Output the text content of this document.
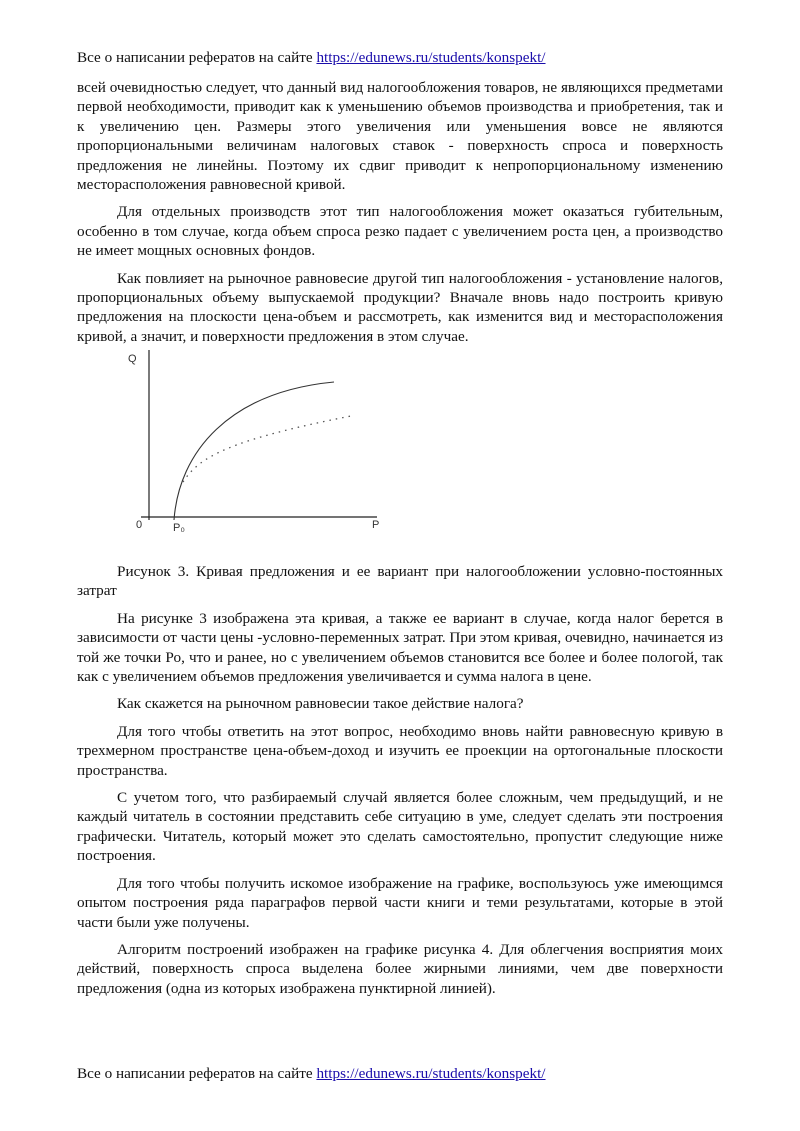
Все о написании рефератов на сайте https://edunews.ru/students/konspekt/

всей очевидностью следует, что данный вид налогообложения товаров, не являющихся предметами первой необходимости, приводит как к уменьшению объемов производства и приобретения, так и к увеличению цен. Размеры этого увеличения или уменьшения вовсе не являются пропорциональными величинам налоговых ставок - поверхность спроса и поверхность предложения не линейны. Поэтому их сдвиг приводит к непропорциональному изменению месторасположения равновесной кривой.

Для отдельных производств этот тип налогообложения может оказаться губительным, особенно в том случае, когда объем спроса резко падает с увеличением роста цен, а производство не имеет мощных основных фондов.

Как повлияет на рыночное равновесие другой тип налогообложения - установление налогов, пропорциональных объему выпускаемой продукции? Вначале вновь надо построить кривую предложения на плоскости цена-объем и рассмотреть, как изменится вид и месторасположения кривой, а значит, и поверхности предложения в этом случае.

Q
P
0	P₀

Рисунок 3. Кривая предложения и ее вариант при налогообложении условно-постоянных затрат

На рисунке 3 изображена эта кривая, а также ее вариант в случае, когда налог берется в зависимости от части цены -условно-переменных затрат. При этом кривая, очевидно, начинается из той же точки Ро, что и ранее, но с увеличением объемов становится все более и более пологой, так как с увеличением объемов предложения увеличивается и сумма налога в цене.

Как скажется на рыночном равновесии такое действие налога?

Для того чтобы ответить на этот вопрос, необходимо вновь найти равновесную кривую в трехмерном пространстве цена-объем-доход и изучить ее проекции на ортогональные плоскости пространства.

С учетом того, что разбираемый случай является более сложным, чем предыдущий, и не каждый читатель в состоянии представить себе ситуацию в уме, следует сделать эти построения графически. Читатель, который может это сделать самостоятельно, пропустит следующие ниже построения.

Для того чтобы получить искомое изображение на графике, воспользуюсь уже имеющимся опытом построения ряда параграфов первой части книги и теми результатами, которые в этой части были уже получены.

Алгоритм построений изображен на графике рисунка 4. Для облегчения восприятия моих действий, поверхность спроса выделена более жирными линиями, чем две поверхности предложения (одна из которых изображена пунктирной линией).

Все о написании рефератов на сайте https://edunews.ru/students/konspekt/
